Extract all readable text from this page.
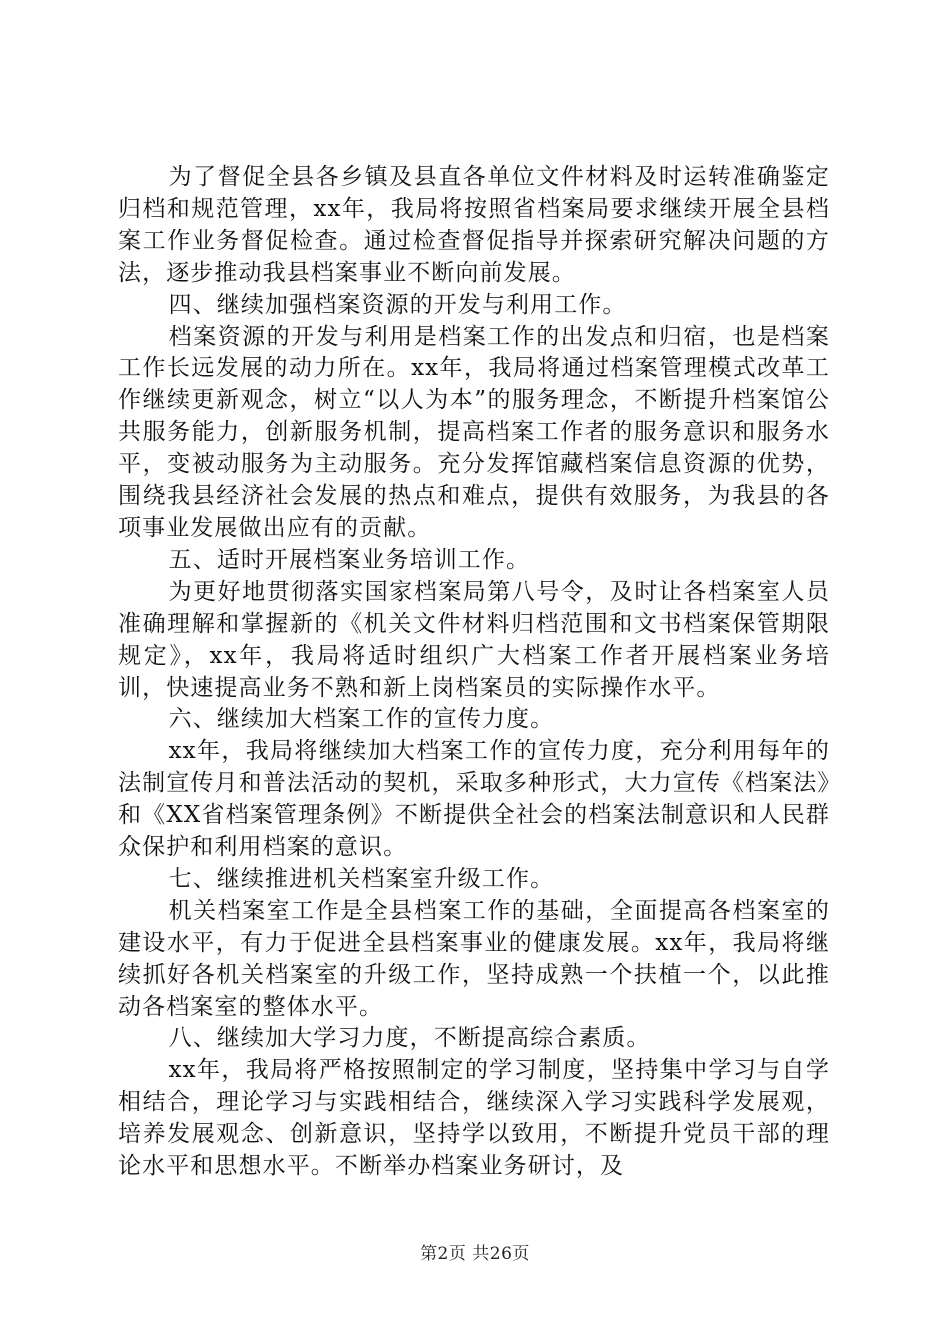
为了督促全县各乡镇及县直各单位文件材料及时运转准确鉴定归档和规范管理，xx年，我局将按照省档案局要求继续开展全县档案工作业务督促检查。通过检查督促指导并探索研究解决问题的方法，逐步推动我县档案事业不断向前发展。

四、继续加强档案资源的开发与利用工作。

档案资源的开发与利用是档案工作的出发点和归宿，也是档案工作长远发展的动力所在。xx年，我局将通过档案管理模式改革工作继续更新观念，树立“以人为本”的服务理念，不断提升档案馆公共服务能力，创新服务机制，提高档案工作者的服务意识和服务水平，变被动服务为主动服务。充分发挥馆藏档案信息资源的优势，围绕我县经济社会发展的热点和难点，提供有效服务，为我县的各项事业发展做出应有的贡献。

五、适时开展档案业务培训工作。

为更好地贯彻落实国家档案局第八号令，及时让各档案室人员准确理解和掌握新的《机关文件材料归档范围和文书档案保管期限规定》，xx年，我局将适时组织广大档案工作者开展档案业务培训，快速提高业务不熟和新上岗档案员的实际操作水平。

六、继续加大档案工作的宣传力度。

xx年，我局将继续加大档案工作的宣传力度，充分利用每年的法制宣传月和普法活动的契机，采取多种形式，大力宣传《档案法》和《XX省档案管理条例》不断提供全社会的档案法制意识和人民群众保护和利用档案的意识。

七、继续推进机关档案室升级工作。

机关档案室工作是全县档案工作的基础，全面提高各档案室的建设水平，有力于促进全县档案事业的健康发展。xx年，我局将继续抓好各机关档案室的升级工作，坚持成熟一个扶植一个，以此推动各档案室的整体水平。

八、继续加大学习力度，不断提高综合素质。

xx年，我局将严格按照制定的学习制度，坚持集中学习与自学相结合，理论学习与实践相结合，继续深入学习实践科学发展观，培养发展观念、创新意识，坚持学以致用，不断提升党员干部的理论水平和思想水平。不断举办档案业务研讨，及

第2页 共26页
